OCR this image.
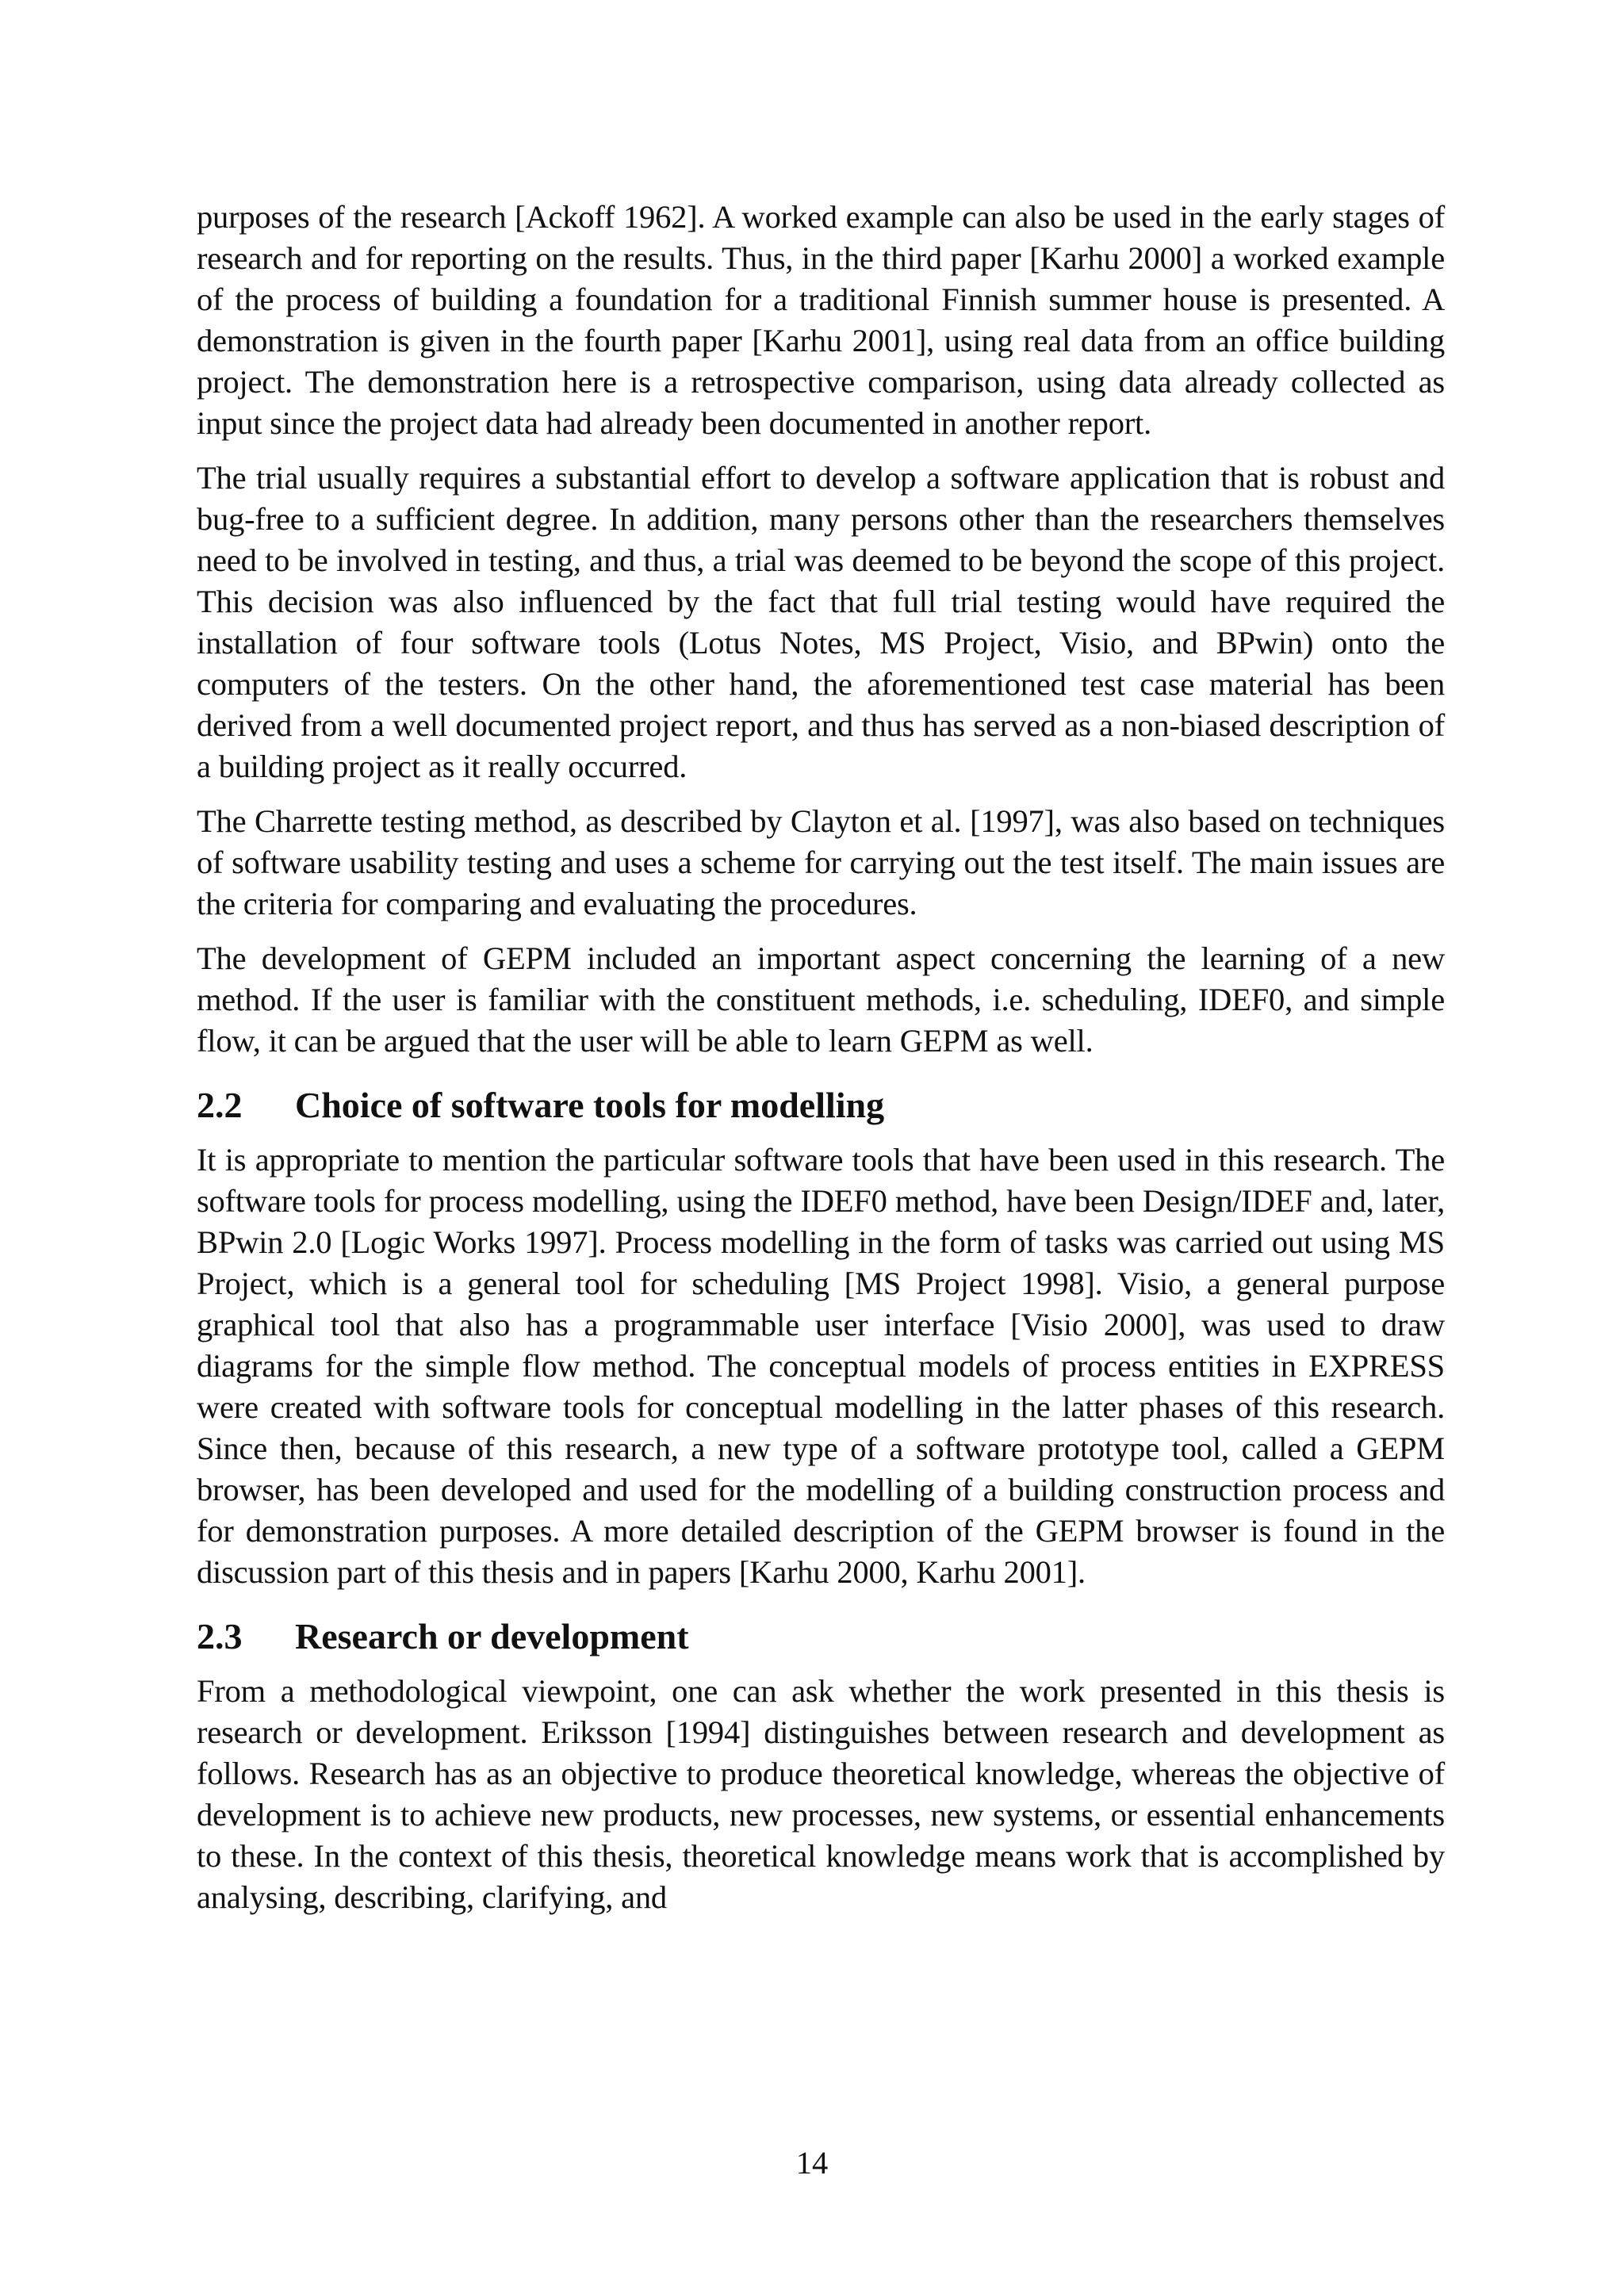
purposes of the research [Ackoff 1962]. A worked example can also be used in the early stages of research and for reporting on the results. Thus, in the third paper [Karhu 2000] a worked example of the process of building a foundation for a traditional Finnish summer house is presented. A demonstration is given in the fourth paper [Karhu 2001], using real data from an office building project. The demonstration here is a retrospective comparison, using data already collected as input since the project data had already been documented in another report.

The trial usually requires a substantial effort to develop a software application that is robust and bug-free to a sufficient degree. In addition, many persons other than the researchers themselves need to be involved in testing, and thus, a trial was deemed to be beyond the scope of this project. This decision was also influenced by the fact that full trial testing would have required the installation of four software tools (Lotus Notes, MS Project, Visio, and BPwin) onto the computers of the testers. On the other hand, the aforementioned test case material has been derived from a well documented project report, and thus has served as a non-biased description of a building project as it really occurred.

The Charrette testing method, as described by Clayton et al. [1997], was also based on techniques of software usability testing and uses a scheme for carrying out the test itself. The main issues are the criteria for comparing and evaluating the procedures.

The development of GEPM included an important aspect concerning the learning of a new method. If the user is familiar with the constituent methods, i.e. scheduling, IDEF0, and simple flow, it can be argued that the user will be able to learn GEPM as well.

2.2	Choice of software tools for modelling

It is appropriate to mention the particular software tools that have been used in this research. The software tools for process modelling, using the IDEF0 method, have been Design/IDEF and, later, BPwin 2.0 [Logic Works 1997]. Process modelling in the form of tasks was carried out using MS Project, which is a general tool for scheduling [MS Project 1998]. Visio, a general purpose graphical tool that also has a programmable user interface [Visio 2000], was used to draw diagrams for the simple flow method. The conceptual models of process entities in EXPRESS were created with software tools for conceptual modelling in the latter phases of this research. Since then, because of this research, a new type of a software prototype tool, called a GEPM browser, has been developed and used for the modelling of a building construction process and for demonstration purposes. A more detailed description of the GEPM browser is found in the discussion part of this thesis and in papers [Karhu 2000, Karhu 2001].

2.3	Research or development

From a methodological viewpoint, one can ask whether the work presented in this thesis is research or development. Eriksson [1994] distinguishes between research and development as follows. Research has as an objective to produce theoretical knowledge, whereas the objective of development is to achieve new products, new processes, new systems, or essential enhancements to these. In the context of this thesis, theoretical knowledge means work that is accomplished by analysing, describing, clarifying, and

14
